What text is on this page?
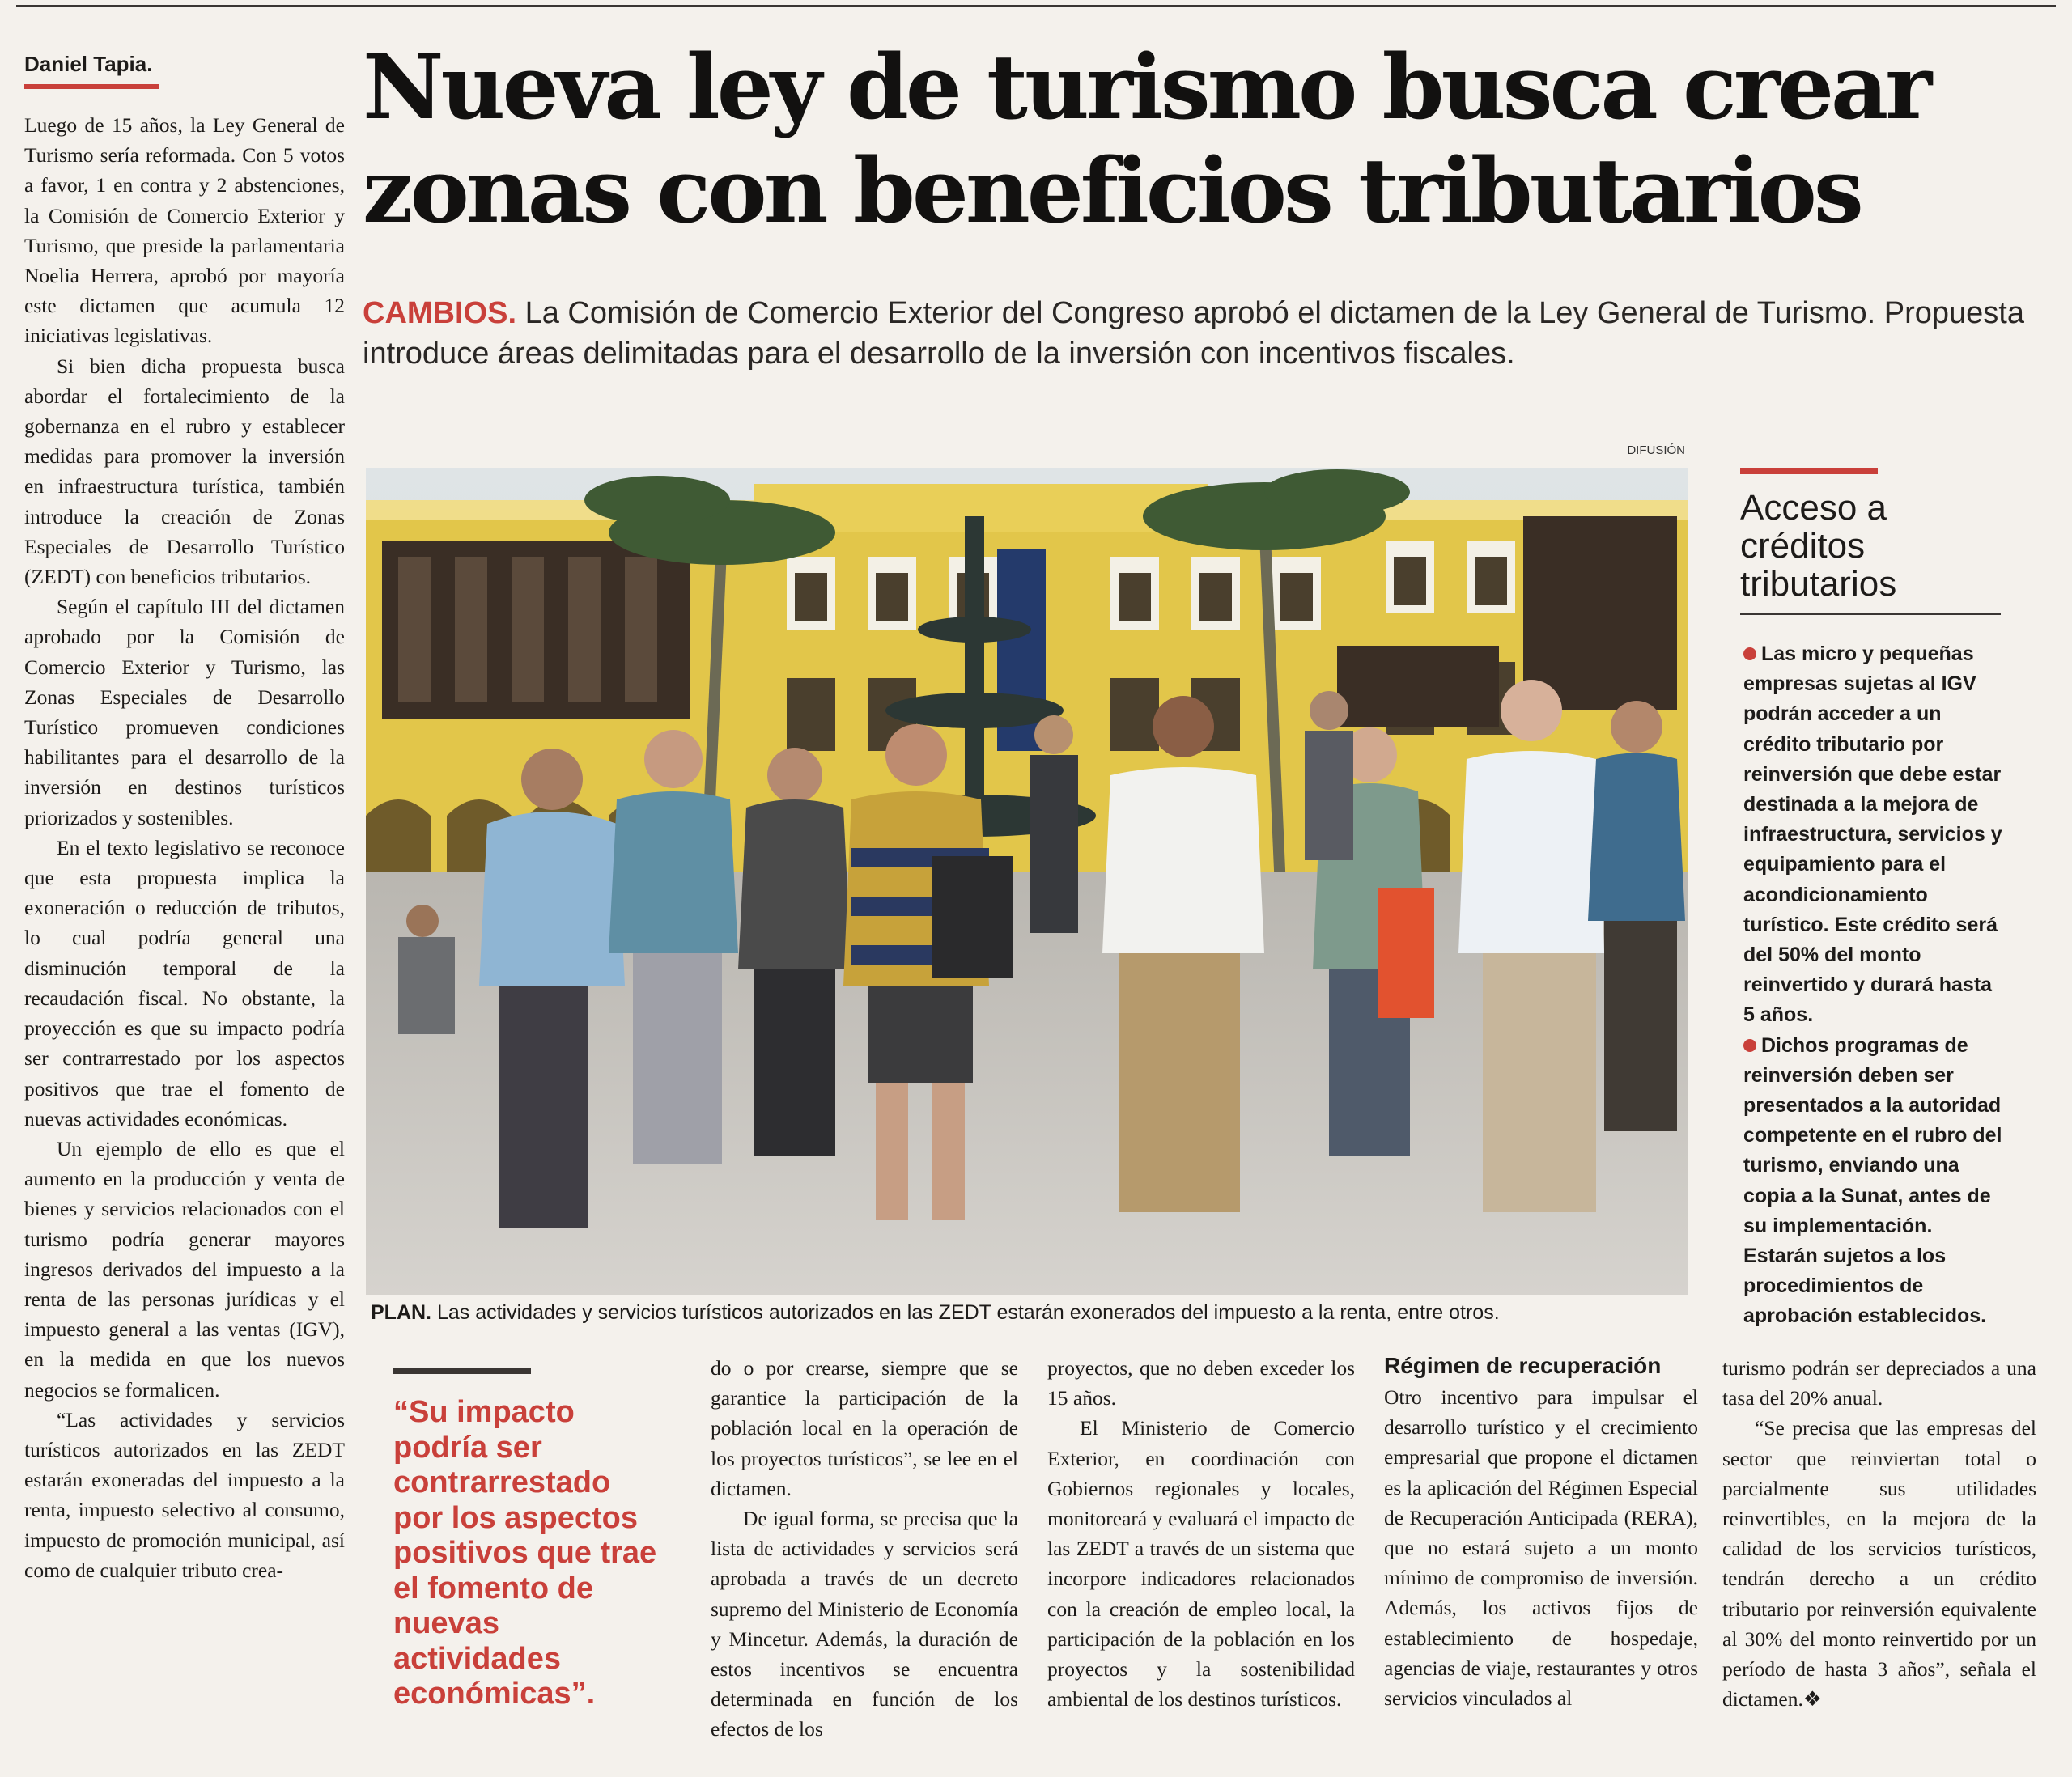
Daniel Tapia. Nueva ley de turismo busca crear zonas con beneficios tributarios
CAMBIOS. La Comisión de Comercio Exterior del Congreso aprobó el dictamen de la Ley General de Turismo. Propuesta introduce áreas delimitadas para el desarrollo de la inversión con incentivos fiscales.

Luego de 15 años, la Ley General de Turismo sería reformada. Con 5 votos a favor, 1 en contra y 2 abstenciones, la Comisión de Comercio Exterior y Turismo, que preside la parlamentaria Noelia Herrera, aprobó por mayoría este dictamen que acumula 12 iniciativas legislativas.

Si bien dicha propuesta busca abordar el fortalecimiento de la gobernanza en el rubro y establecer medidas para promover la inversión en infraestructura turística, también introduce la creación de Zonas Especiales de Desarrollo Turístico (ZEDT) con beneficios tributarios.

Según el capítulo III del dictamen aprobado por la Comisión de Comercio Exterior y Turismo, las Zonas Especiales de Desarrollo Turístico promueven condiciones habilitantes para el desarrollo de la inversión en destinos turísticos priorizados y sostenibles.

En el texto legislativo se reconoce que esta propuesta implica la exoneración o reducción de tributos, lo cual podría general una disminución temporal de la recaudación fiscal. No obstante, la proyección es que su impacto podría ser contrarrestado por los aspectos positivos que trae el fomento de nuevas actividades económicas.

Un ejemplo de ello es que el aumento en la producción y venta de bienes y servicios relacionados con el turismo podría generar mayores ingresos derivados del impuesto a la renta de las personas jurídicas y el impuesto general a las ventas (IGV), en la medida en que los nuevos negocios se formalicen.

“Las actividades y servicios turísticos autorizados en las ZEDT estarán exoneradas del impuesto a la renta, impuesto selectivo al consumo, impuesto de promoción municipal, así como de cualquier tributo crea-

DIFUSIÓN
PLAN. Las actividades y servicios turísticos autorizados en las ZEDT estarán exonerados del impuesto a la renta, entre otros.
“Su impacto podría ser contrarrestado por los aspectos positivos que trae el fomento de nuevas actividades económicas”.

do o por crearse, siempre que se garantice la participación de la población local en la operación de los proyectos turísticos”, se lee en el dictamen.

De igual forma, se precisa que la lista de actividades y servicios será aprobada a través de un decreto supremo del Ministerio de Economía y Mincetur. Además, la duración de estos incentivos se encuentra determinada en función de los efectos de los

proyectos, que no deben exceder los 15 años.

El Ministerio de Comercio Exterior, en coordinación con Gobiernos regionales y locales, monitoreará y evaluará el impacto de las ZEDT a través de un sistema que incorpore indicadores relacionados con la creación de empleo local, la participación de la población en los proyectos y la sostenibilidad ambiental de los destinos turísticos.

Régimen de recuperación

Otro incentivo para impulsar el desarrollo turístico y el crecimiento empresarial que propone el dictamen es la aplicación del Régimen Especial de Recuperación Anticipada (RERA), que no estará sujeto a un monto mínimo de compromiso de inversión. Además, los activos fijos de establecimiento de hospedaje, agencias de viaje, restaurantes y otros servicios vinculados al

turismo podrán ser depreciados a una tasa del 20% anual.

“Se precisa que las empresas del sector que reinviertan total o parcialmente sus utilidades reinvertibles, en la mejora de la calidad de los servicios turísticos, tendrán derecho a un crédito tributario por reinversión equivalente al 30% del monto reinvertido por un período de hasta 3 años”, señala el dictamen.❖

Acceso a créditos tributarios

Las micro y pequeñas empresas sujetas al IGV podrán acceder a un crédito tributario por reinversión que debe estar destinada a la mejora de infraestructura, servicios y equipamiento para el acondicionamiento turístico. Este crédito será del 50% del monto reinvertido y durará hasta 5 años.

Dichos programas de reinversión deben ser presentados a la autoridad competente en el rubro del turismo, enviando una copia a la Sunat, antes de su implementación. Estarán sujetos a los procedimientos de aprobación establecidos.
